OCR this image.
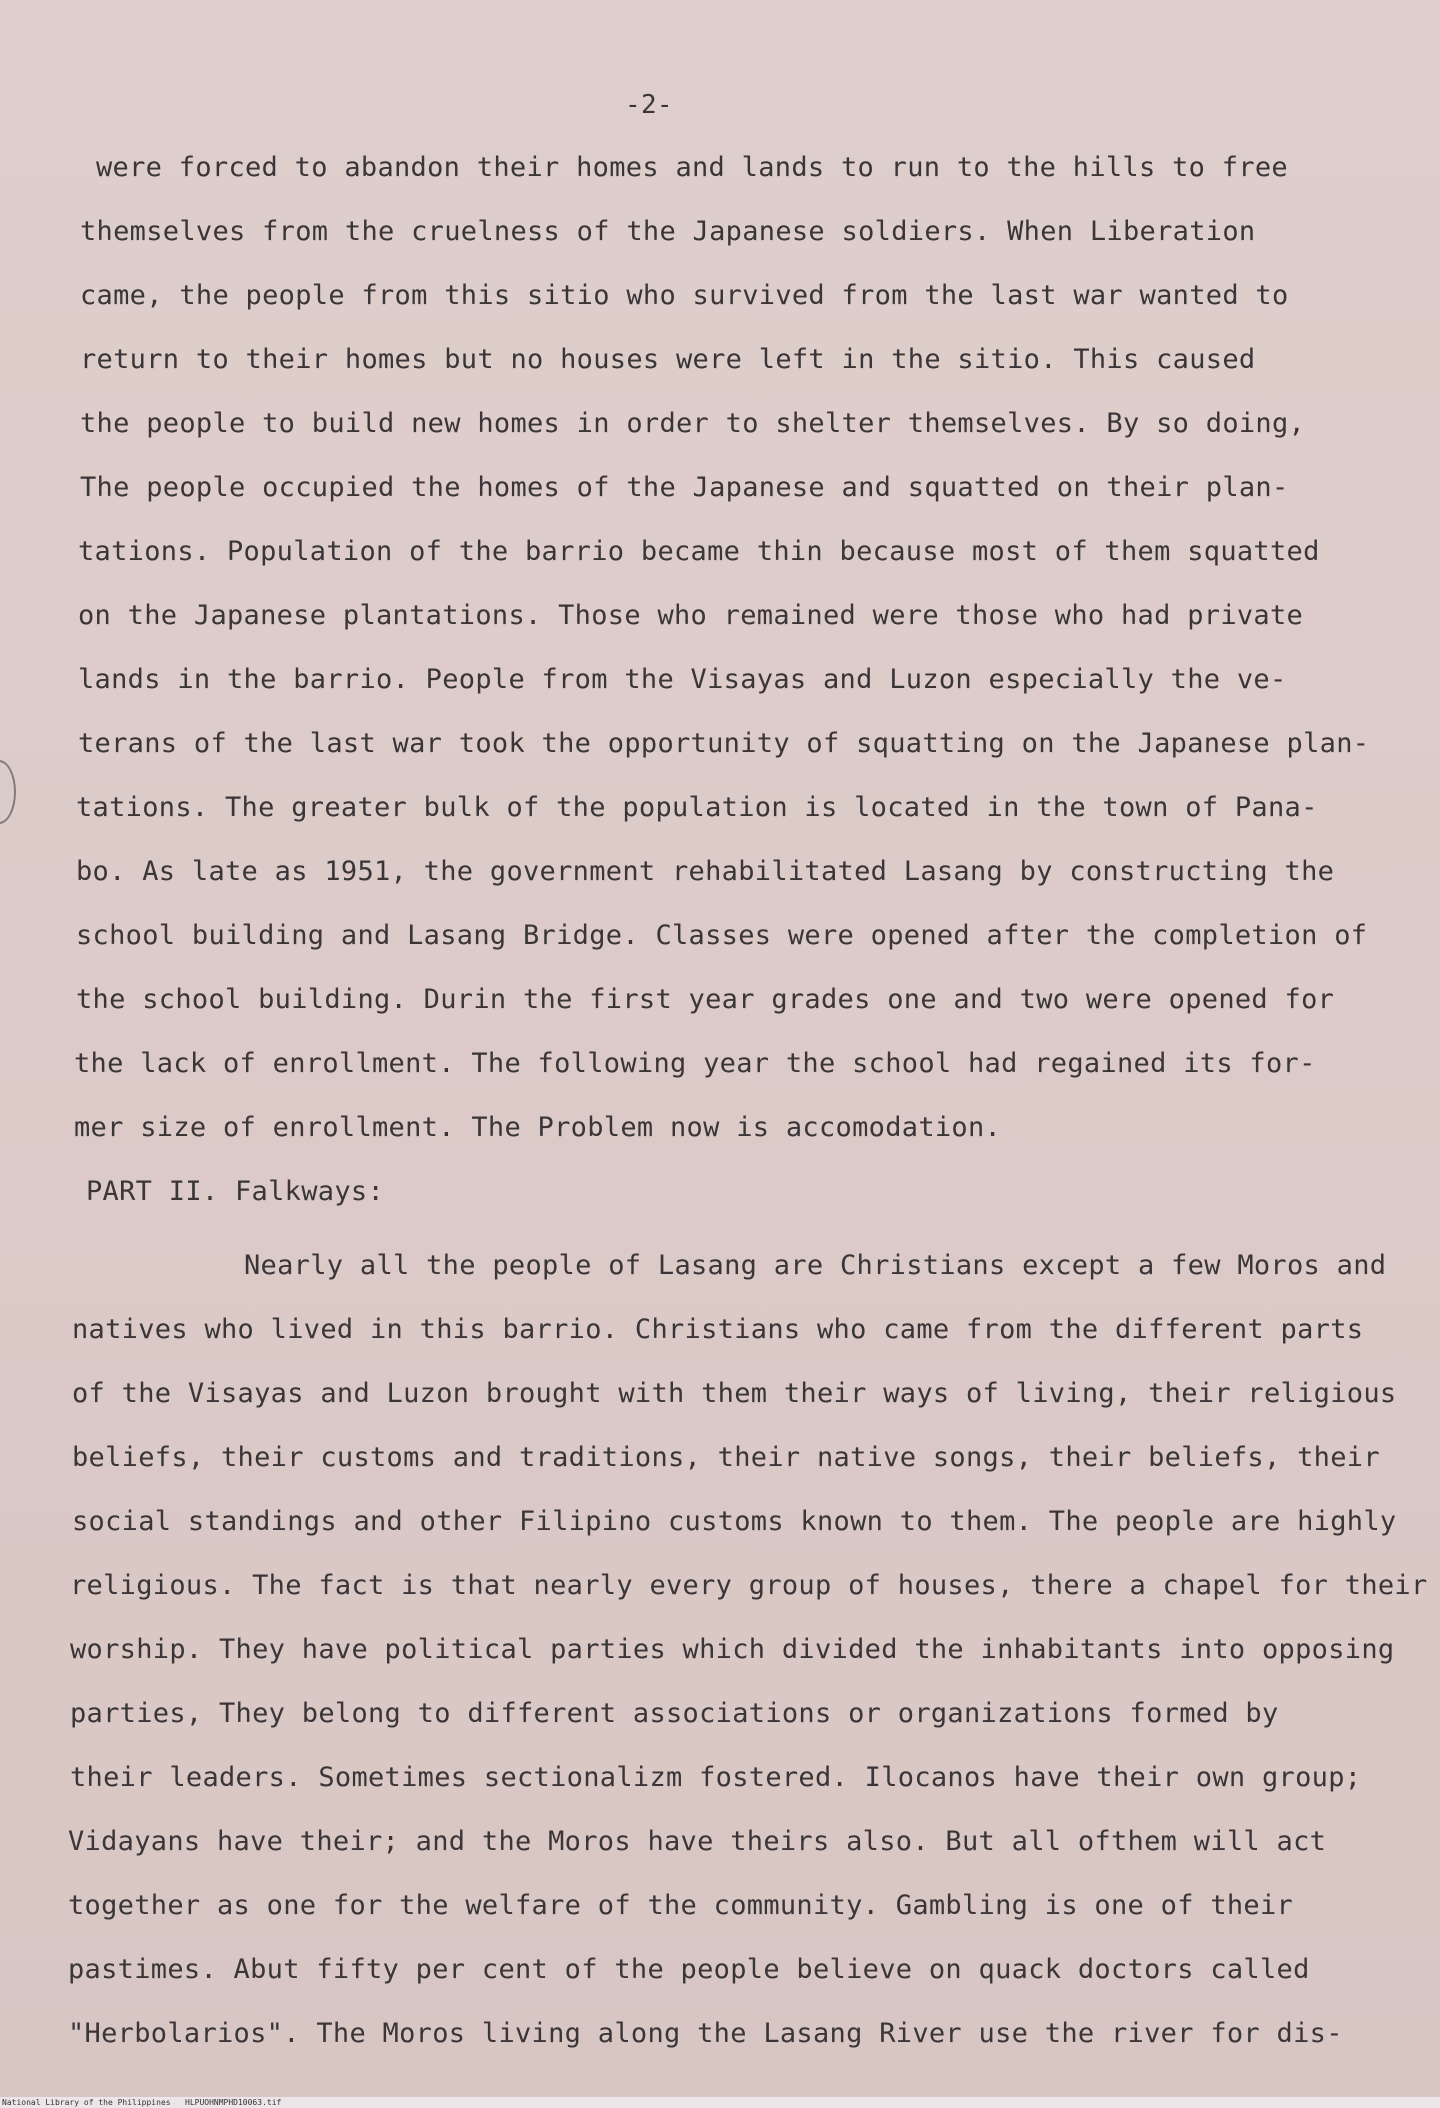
-2-
were forced to abandon their homes and lands to run to the hills to free
themselves from the cruelness of the Japanese soldiers. When Liberation
came, the people from this sitio who survived from the last war wanted to
return to their homes but no houses were left in the sitio. This caused
the people to build new homes in order to shelter themselves. By so doing,
The people occupied the homes of the Japanese and squatted on their plan-
tations. Population of the barrio became thin because most of them squatted
on the Japanese plantations. Those who remained were those who had private
lands in the barrio. People from the Visayas and Luzon especially the ve-
terans of the last war took the opportunity of squatting on the Japanese plan-
tations. The greater bulk of the population is located in the town of Pana-
bo. As late as 1951, the government rehabilitated Lasang by constructing the
school building and Lasang Bridge. Classes were opened after the completion of
the school building. Durin the first year grades one and two were opened for
the lack of enrollment. The following year the school had regained its for-
mer size of enrollment. The Problem now is accomodation.
PART II. Falkways:
Nearly all the people of Lasang are Christians except a few Moros and
natives who lived in this barrio. Christians who came from the different parts
of the Visayas and Luzon brought with them their ways of living, their religious
beliefs, their customs and traditions, their native songs, their beliefs, their
social standings and other Filipino customs known to them. The people are highly
religious. The fact is that nearly every group of houses, there a chapel for their
worship. They have political parties which divided the inhabitants into opposing
parties, They belong to different associations or organizations formed by
their leaders. Sometimes sectionalizm fostered. Ilocanos have their own group;
Vidayans have their; and the Moros have theirs also. But all ofthem will act
together as one for the welfare of the community. Gambling is one of their
pastimes. Abut fifty per cent of the people believe on quack doctors called
"Herbolarios". The Moros living along the Lasang River use the river for dis-
National Library of the Philippines HLPUOHNMPHD10063.tif
